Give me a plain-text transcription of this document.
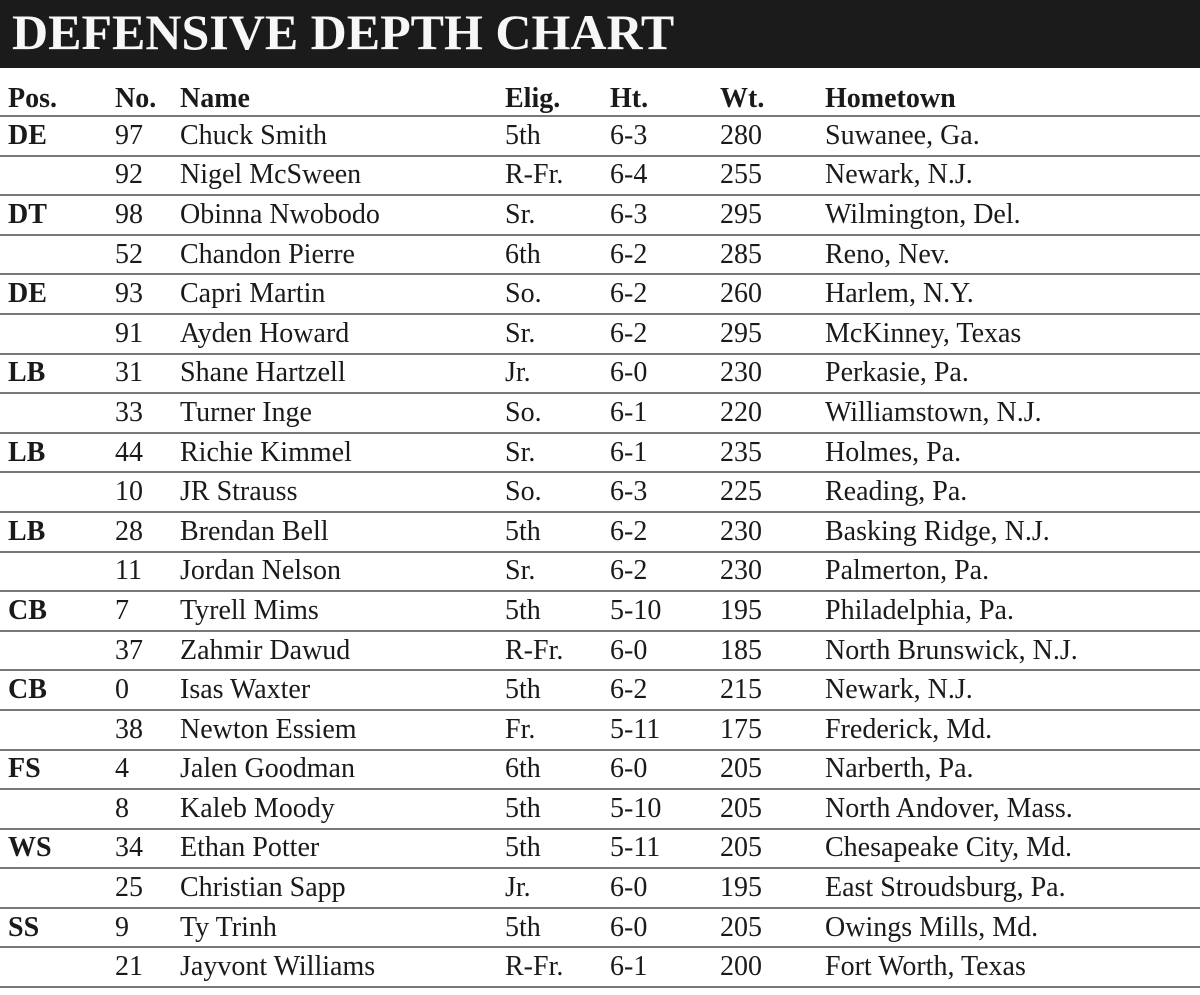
DEFENSIVE DEPTH CHART
Pos.	No.	Name	Elig.	Ht.	Wt.	Hometown
DE	97	Chuck Smith	5th	6-3	280	Suwanee, Ga.
	92	Nigel McSween	R-Fr.	6-4	255	Newark, N.J.
DT	98	Obinna Nwobodo	Sr.	6-3	295	Wilmington, Del.
	52	Chandon Pierre	6th	6-2	285	Reno, Nev.
DE	93	Capri Martin	So.	6-2	260	Harlem, N.Y.
	91	Ayden Howard	Sr.	6-2	295	McKinney, Texas
LB	31	Shane Hartzell	Jr.	6-0	230	Perkasie, Pa.
	33	Turner Inge	So.	6-1	220	Williamstown, N.J.
LB	44	Richie Kimmel	Sr.	6-1	235	Holmes, Pa.
	10	JR Strauss	So.	6-3	225	Reading, Pa.
LB	28	Brendan Bell	5th	6-2	230	Basking Ridge, N.J.
	11	Jordan Nelson	Sr.	6-2	230	Palmerton, Pa.
CB	7	Tyrell Mims	5th	5-10	195	Philadelphia, Pa.
	37	Zahmir Dawud	R-Fr.	6-0	185	North Brunswick, N.J.
CB	0	Isas Waxter	5th	6-2	215	Newark, N.J.
	38	Newton Essiem	Fr.	5-11	175	Frederick, Md.
FS	4	Jalen Goodman	6th	6-0	205	Narberth, Pa.
	8	Kaleb Moody	5th	5-10	205	North Andover, Mass.
WS	34	Ethan Potter	5th	5-11	205	Chesapeake City, Md.
	25	Christian Sapp	Jr.	6-0	195	East Stroudsburg, Pa.
SS	9	Ty Trinh	5th	6-0	205	Owings Mills, Md.
	21	Jayvont Williams	R-Fr.	6-1	200	Fort Worth, Texas
